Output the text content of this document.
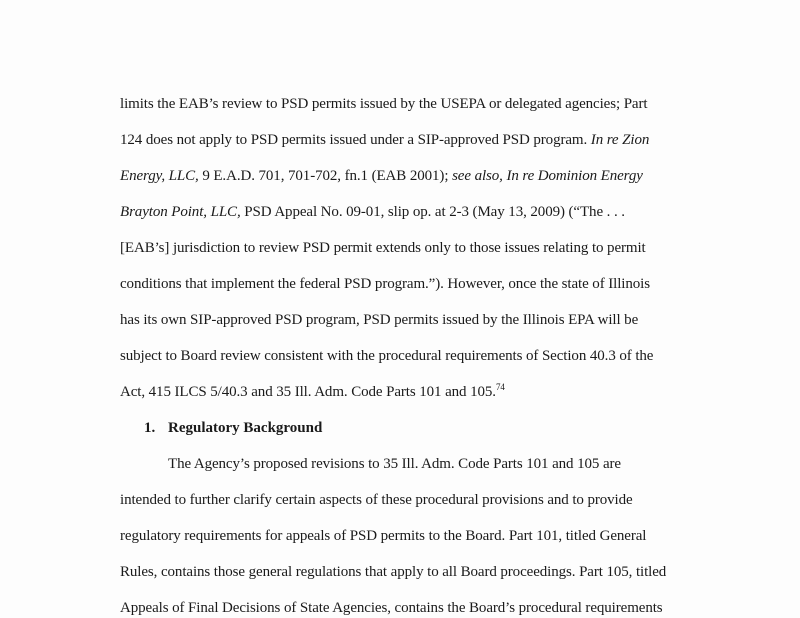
limits the EAB’s review to PSD permits issued by the USEPA or delegated agencies; Part
124 does not apply to PSD permits issued under a SIP-approved PSD program. In re Zion
Energy, LLC, 9 E.A.D. 701, 701-702, fn.1 (EAB 2001); see also, In re Dominion Energy
Brayton Point, LLC, PSD Appeal No. 09-01, slip op. at 2-3 (May 13, 2009) (“The . . .
[EAB’s] jurisdiction to review PSD permit extends only to those issues relating to permit
conditions that implement the federal PSD program.”). However, once the state of Illinois
has its own SIP-approved PSD program, PSD permits issued by the Illinois EPA will be
subject to Board review consistent with the procedural requirements of Section 40.3 of the
Act, 415 ILCS 5/40.3 and 35 Ill. Adm. Code Parts 101 and 105.74
1. Regulatory Background
The Agency’s proposed revisions to 35 Ill. Adm. Code Parts 101 and 105 are
intended to further clarify certain aspects of these procedural provisions and to provide
regulatory requirements for appeals of PSD permits to the Board. Part 101, titled General
Rules, contains those general regulations that apply to all Board proceedings. Part 105, titled
Appeals of Final Decisions of State Agencies, contains the Board’s procedural requirements
